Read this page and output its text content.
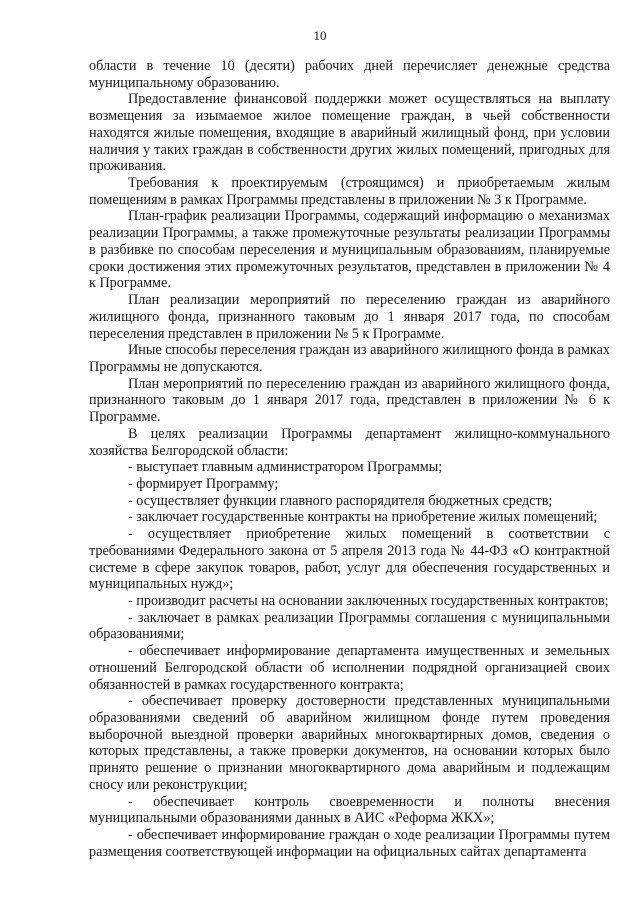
10

области в течение 10 (десяти) рабочих дней перечисляет денежные средства муниципальному образованию.

Предоставление финансовой поддержки может осуществляться на выплату возмещения за изымаемое жилое помещение граждан, в чьей собственности находятся жилые помещения, входящие в аварийный жилищный фонд, при условии наличия у таких граждан в собственности других жилых помещений, пригодных для проживания.

Требования к проектируемым (строящимся) и приобретаемым жилым помещениям в рамках Программы представлены в приложении № 3 к Программе.

План-график реализации Программы, содержащий информацию о механизмах реализации Программы, а также промежуточные результаты реализации Программы в разбивке по способам переселения и муниципальным образованиям, планируемые сроки достижения этих промежуточных результатов, представлен в приложении № 4 к Программе.

План реализации мероприятий по переселению граждан из аварийного жилищного фонда, признанного таковым до 1 января 2017 года, по способам переселения представлен в приложении № 5 к Программе.

Иные способы переселения граждан из аварийного жилищного фонда в рамках Программы не допускаются.

План мероприятий по переселению граждан из аварийного жилищного фонда, признанного таковым до 1 января 2017 года, представлен в приложении № 6 к Программе.

В целях реализации Программы департамент жилищно-коммунального хозяйства Белгородской области:

- выступает главным администратором Программы;

- формирует Программу;

- осуществляет функции главного распорядителя бюджетных средств;

- заключает государственные контракты на приобретение жилых помещений;

- осуществляет приобретение жилых помещений в соответствии с требованиями Федерального закона от 5 апреля 2013 года № 44-ФЗ «О контрактной системе в сфере закупок товаров, работ, услуг для обеспечения государственных и муниципальных нужд»;

- производит расчеты на основании заключенных государственных контрактов;

- заключает в рамках реализации Программы соглашения с муниципальными образованиями;

- обеспечивает информирование департамента имущественных и земельных отношений Белгородской области об исполнении подрядной организацией своих обязанностей в рамках государственного контракта;

- обеспечивает проверку достоверности представленных муниципальными образованиями сведений об аварийном жилищном фонде путем проведения выборочной выездной проверки аварийных многоквартирных домов, сведения о которых представлены, а также проверки документов, на основании которых было принято решение о признании многоквартирного дома аварийным и подлежащим сносу или реконструкции;

- обеспечивает контроль своевременности и полноты внесения муниципальными образованиями данных в АИС «Реформа ЖКХ»;

- обеспечивает информирование граждан о ходе реализации Программы путем размещения соответствующей информации на официальных сайтах департамента
